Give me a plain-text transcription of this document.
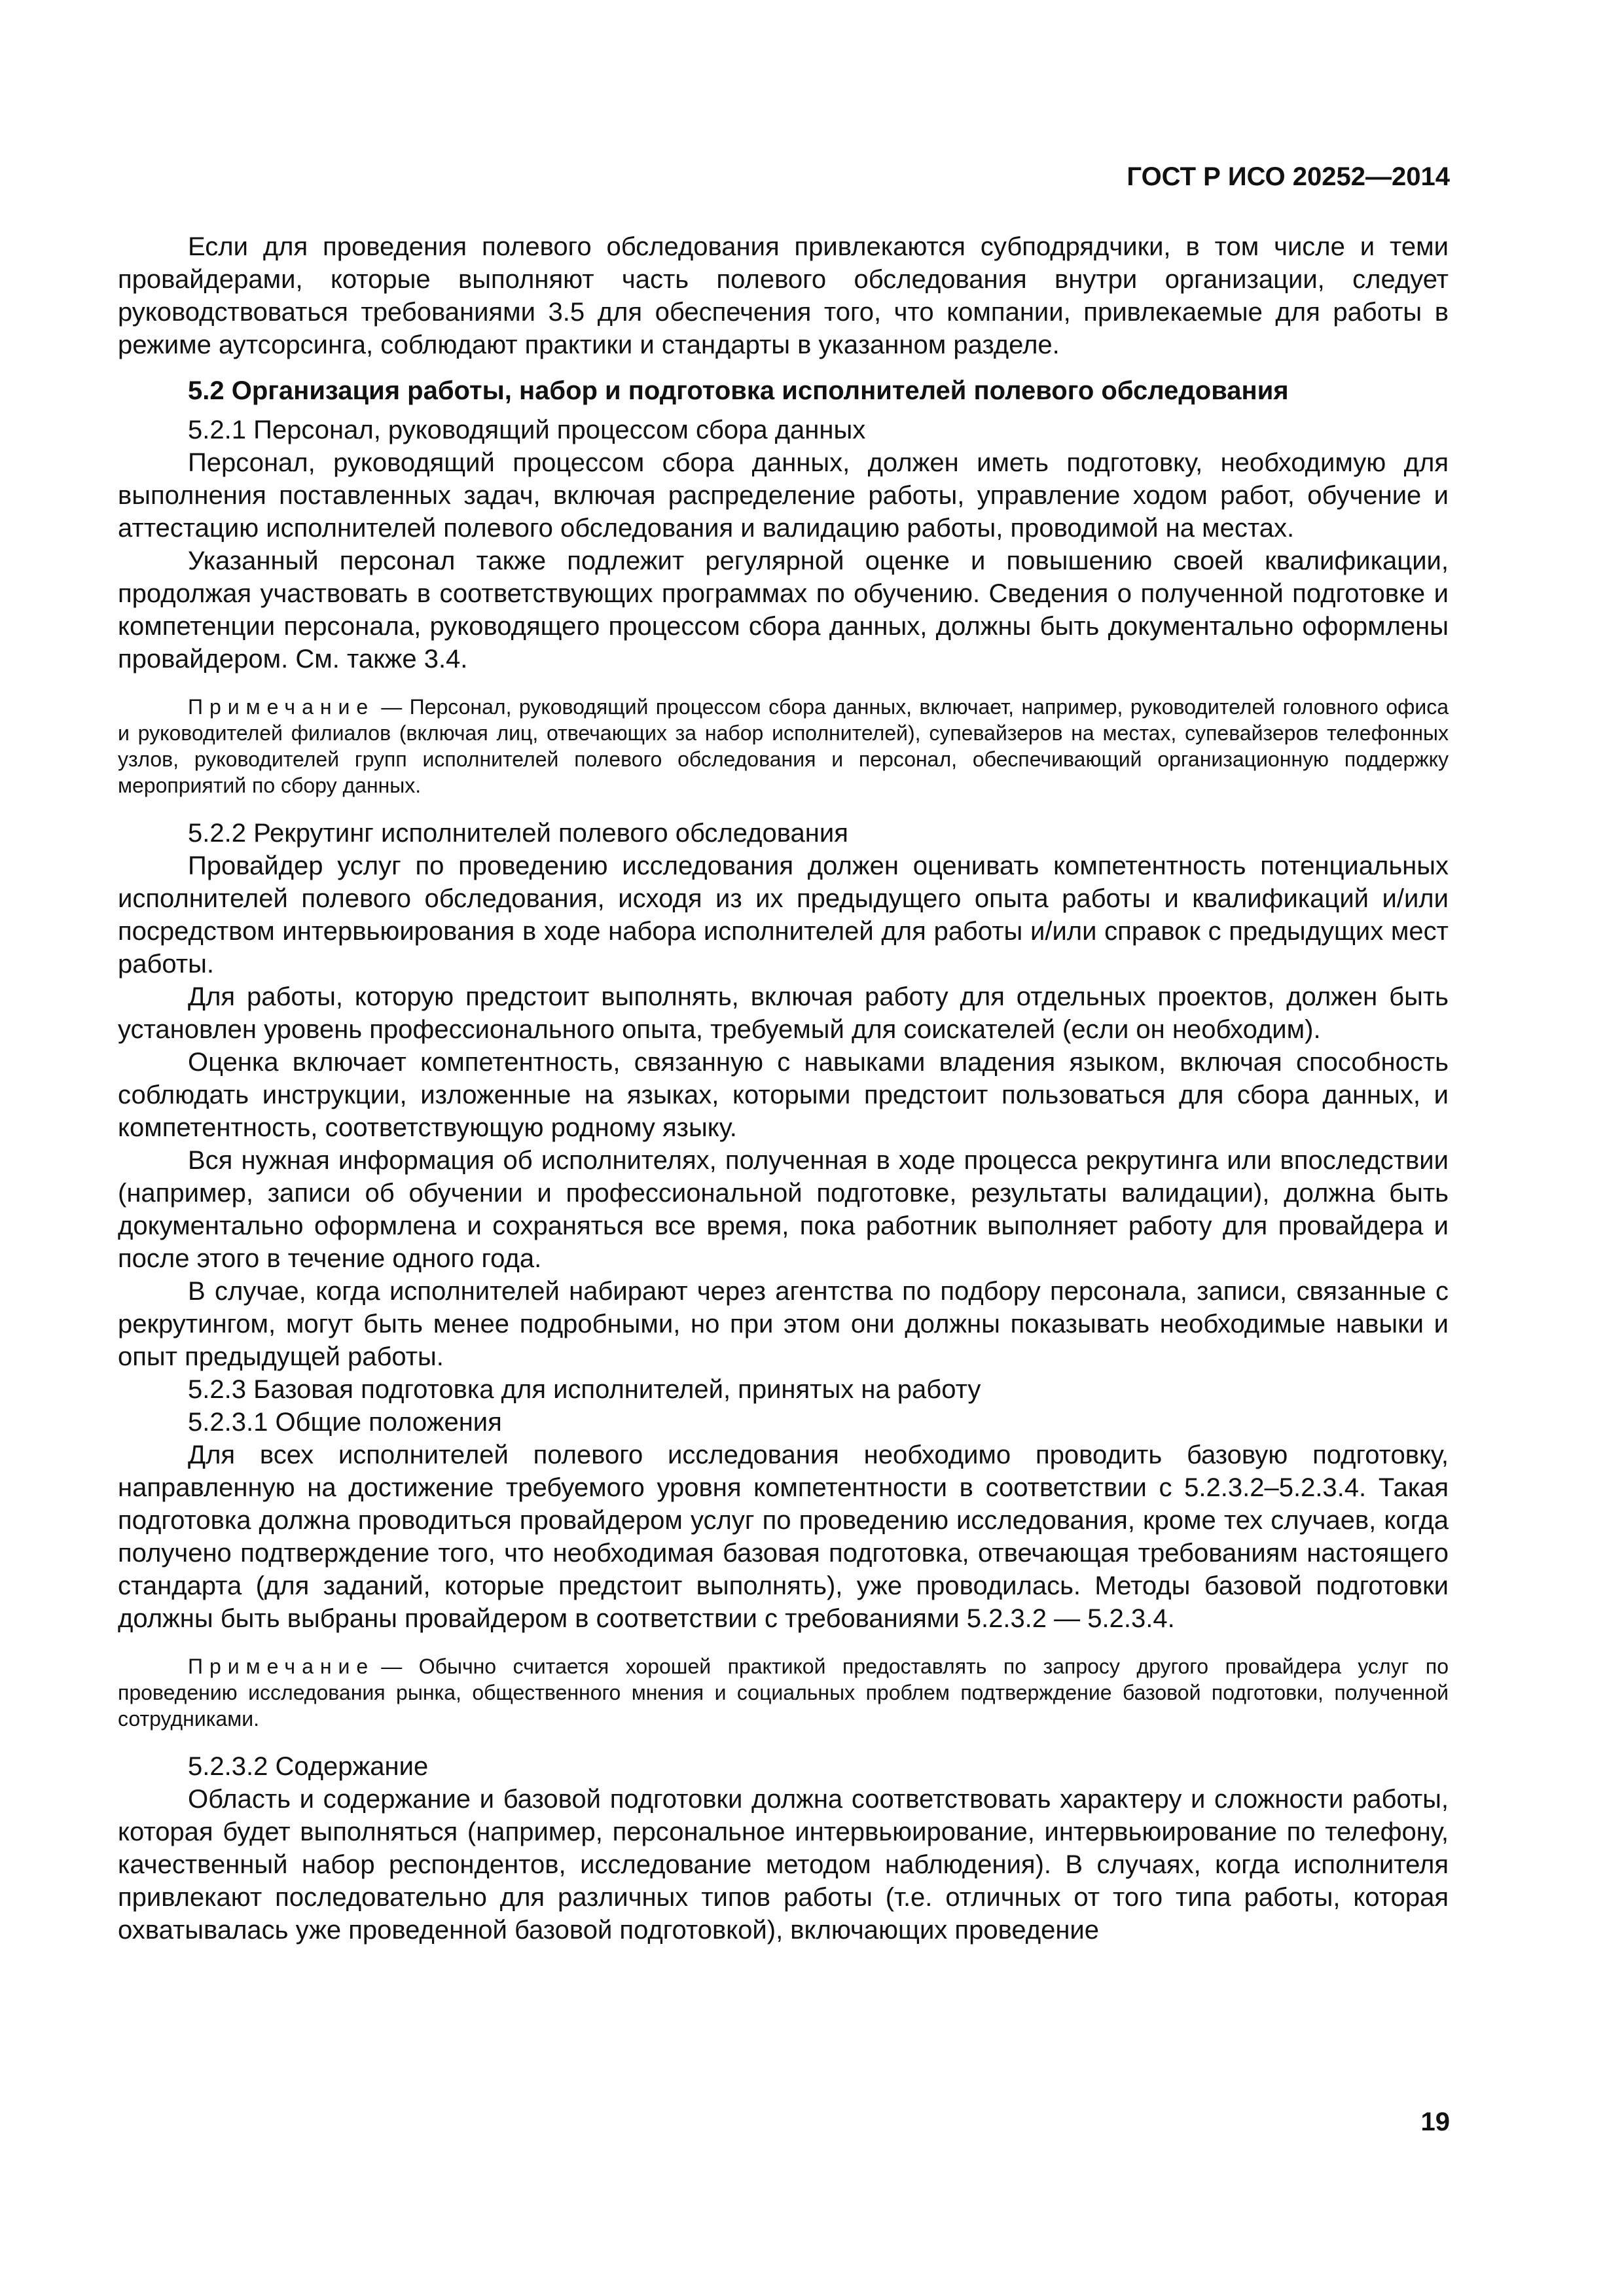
ГОСТ Р ИСО 20252—2014

Если для проведения полевого обследования привлекаются субподрядчики, в том числе и теми провайдерами, которые выполняют часть полевого обследования внутри организации, следует руководствоваться требованиями 3.5 для обеспечения того, что компании, привлекаемые для работы в режиме аутсорсинга, соблюдают практики и стандарты в указанном разделе.

5.2 Организация работы, набор и подготовка исполнителей полевого обследования

5.2.1 Персонал, руководящий процессом сбора данных

Персонал, руководящий процессом сбора данных, должен иметь подготовку, необходимую для выполнения поставленных задач, включая распределение работы, управление ходом работ, обучение и аттестацию исполнителей полевого обследования и валидацию работы, проводимой на местах.

Указанный персонал также подлежит регулярной оценке и повышению своей квалификации, продолжая участвовать в соответствующих программах по обучению. Сведения о полученной подготовке и компетенции персонала, руководящего процессом сбора данных, должны быть документально оформлены провайдером. См. также 3.4.

Примечание — Персонал, руководящий процессом сбора данных, включает, например, руководителей головного офиса и руководителей филиалов (включая лиц, отвечающих за набор исполнителей), супевайзеров на местах, супевайзеров телефонных узлов, руководителей групп исполнителей полевого обследования и персонал, обеспечивающий организационную поддержку мероприятий по сбору данных.

5.2.2 Рекрутинг исполнителей полевого обследования

Провайдер услуг по проведению исследования должен оценивать компетентность потенциальных исполнителей полевого обследования, исходя из их предыдущего опыта работы и квалификаций и/или посредством интервьюирования в ходе набора исполнителей для работы и/или справок с предыдущих мест работы.

Для работы, которую предстоит выполнять, включая работу для отдельных проектов, должен быть установлен уровень профессионального опыта, требуемый для соискателей (если он необходим).

Оценка включает компетентность, связанную с навыками владения языком, включая способность соблюдать инструкции, изложенные на языках, которыми предстоит пользоваться для сбора данных, и компетентность, соответствующую родному языку.

Вся нужная информация об исполнителях, полученная в ходе процесса рекрутинга или впоследствии (например, записи об обучении и профессиональной подготовке, результаты валидации), должна быть документально оформлена и сохраняться все время, пока работник выполняет работу для провайдера и после этого в течение одного года.

В случае, когда исполнителей набирают через агентства по подбору персонала, записи, связанные с рекрутингом, могут быть менее подробными, но при этом они должны показывать необходимые навыки и опыт предыдущей работы.

5.2.3 Базовая подготовка для исполнителей, принятых на работу

5.2.3.1 Общие положения

Для всех исполнителей полевого исследования необходимо проводить базовую подготовку, направленную на достижение требуемого уровня компетентности в соответствии с 5.2.3.2–5.2.3.4. Такая подготовка должна проводиться провайдером услуг по проведению исследования, кроме тех случаев, когда получено подтверждение того, что необходимая базовая подготовка, отвечающая требованиям настоящего стандарта (для заданий, которые предстоит выполнять), уже проводилась. Методы базовой подготовки должны быть выбраны провайдером в соответствии с требованиями 5.2.3.2 — 5.2.3.4.

Примечание — Обычно считается хорошей практикой предоставлять по запросу другого провайдера услуг по проведению исследования рынка, общественного мнения и социальных проблем подтверждение базовой подготовки, полученной сотрудниками.

5.2.3.2 Содержание

Область и содержание и базовой подготовки должна соответствовать характеру и сложности работы, которая будет выполняться (например, персональное интервьюирование, интервьюирование по телефону, качественный набор респондентов, исследование методом наблюдения). В случаях, когда исполнителя привлекают последовательно для различных типов работы (т.е. отличных от того типа работы, которая охватывалась уже проведенной базовой подготовкой), включающих проведение

19
